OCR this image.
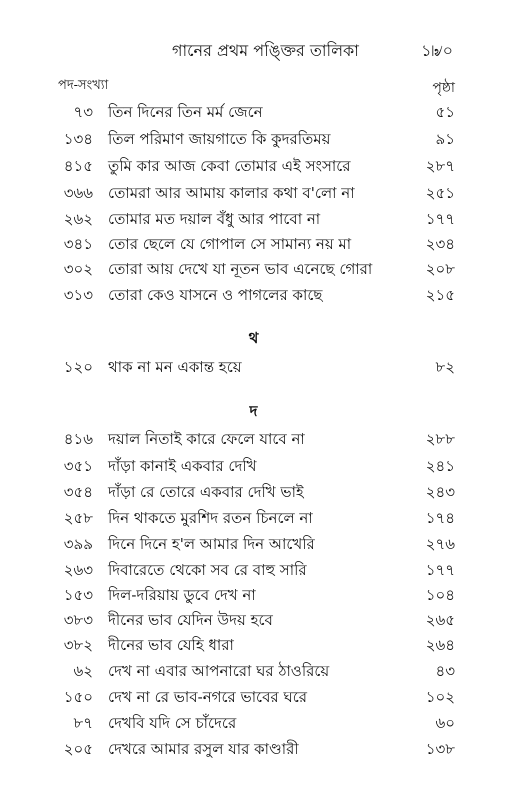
গানের প্রথম পঙ্ক্তির তালিকা	১৷৶০
পদ-সংখ্যা	পৃষ্ঠা
৭৩ তিন দিনের তিন মর্ম জেনে	৫১
১৩৪ তিল পরিমাণ জায়গাতে কি কুদরতিময়	৯১
৪১৫ তুমি কার আজ কেবা তোমার এই সংসারে	২৮৭
৩৬৬ তোমরা আর আমায় কালার কথা ব'লো না	২৫১
২৬২ তোমার মত দয়াল বঁধু আর পাবো না	১৭৭
৩৪১ তোর ছেলে যে গোপাল সে সামান্য নয় মা	২৩৪
৩০২ তোরা আয় দেখে যা নূতন ভাব এনেছে গোরা	২০৮
৩১৩ তোরা কেও যাসনে ও পাগলের কাছে	২১৫
থ
১২০ থাক না মন একান্ত হয়ে	৮২
দ
৪১৬ দয়াল নিতাই কারে ফেলে যাবে না	২৮৮
৩৫১ দাঁড়া কানাই একবার দেখি	২৪১
৩৫৪ দাঁড়া রে তোরে একবার দেখি ভাই	২৪৩
২৫৮ দিন থাকতে মুরশিদ রতন চিনলে না	১৭৪
৩৯৯ দিনে দিনে হ'ল আমার দিন আখেরি	২৭৬
২৬৩ দিবারেতে থেকো সব রে বাহু সারি	১৭৭
১৫৩ দিল-দরিয়ায় ডুবে দেখ না	১০৪
৩৮৩ দীনের ভাব যেদিন উদয় হবে	২৬৫
৩৮২ দীনের ভাব যেহি ধারা	২৬৪
৬২ দেখ না এবার আপনারো ঘর ঠাওরিয়ে	৪৩
১৫০ দেখ না রে ভাব-নগরে ভাবের ঘরে	১০২
৮৭ দেখবি যদি সে চাঁদেরে	৬০
২০৫ দেখরে আমার রসুল যার কাণ্ডারী	১৩৮
